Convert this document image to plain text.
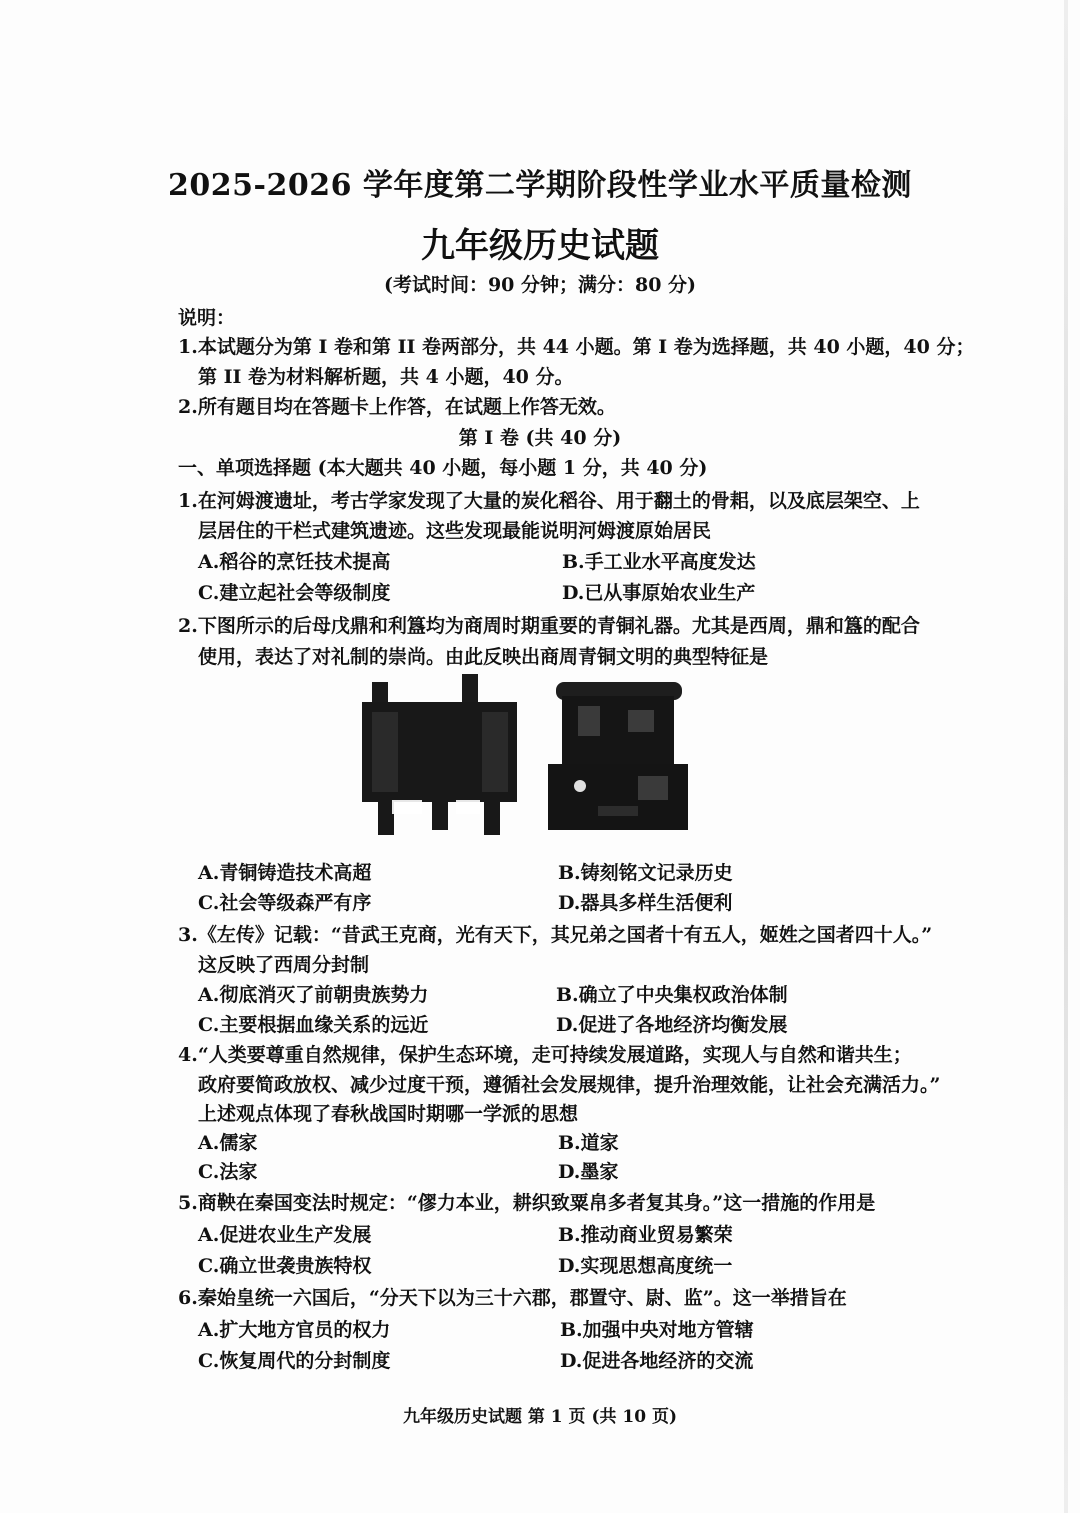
2025-2026 学年度第二学期阶段性学业水平质量检测
九年级历史试题
(考试时间：90 分钟；满分：80 分)
说明：
1.本试题分为第 I 卷和第 II 卷两部分，共 44 小题。第 I 卷为选择题，共 40 小题，40 分；
第 II 卷为材料解析题，共 4 小题，40 分。
2.所有题目均在答题卡上作答，在试题上作答无效。
第 I 卷 (共 40 分)
一、单项选择题 (本大题共 40 小题，每小题 1 分，共 40 分)
1.在河姆渡遗址，考古学家发现了大量的炭化稻谷、用于翻土的骨耜，以及底层架空、上
层居住的干栏式建筑遗迹。这些发现最能说明河姆渡原始居民
A.稻谷的烹饪技术提高	B.手工业水平高度发达
C.建立起社会等级制度	D.已从事原始农业生产
2.下图所示的后母戊鼎和利簋均为商周时期重要的青铜礼器。尤其是西周，鼎和簋的配合
使用，表达了对礼制的崇尚。由此反映出商周青铜文明的典型特征是
A.青铜铸造技术高超	B.铸刻铭文记录历史
C.社会等级森严有序	D.器具多样生活便利
3.《左传》记载：“昔武王克商，光有天下，其兄弟之国者十有五人，姬姓之国者四十人。”
这反映了西周分封制
A.彻底消灭了前朝贵族势力	B.确立了中央集权政治体制
C.主要根据血缘关系的远近	D.促进了各地经济均衡发展
4.“人类要尊重自然规律，保护生态环境，走可持续发展道路，实现人与自然和谐共生；
政府要简政放权、减少过度干预，遵循社会发展规律，提升治理效能，让社会充满活力。”
上述观点体现了春秋战国时期哪一学派的思想
A.儒家	B.道家
C.法家	D.墨家
5.商鞅在秦国变法时规定：“僇力本业，耕织致粟帛多者复其身。”这一措施的作用是
A.促进农业生产发展	B.推动商业贸易繁荣
C.确立世袭贵族特权	D.实现思想高度统一
6.秦始皇统一六国后，“分天下以为三十六郡，郡置守、尉、监”。这一举措旨在
A.扩大地方官员的权力	B.加强中央对地方管辖
C.恢复周代的分封制度	D.促进各地经济的交流
九年级历史试题 第 1 页 (共 10 页)
